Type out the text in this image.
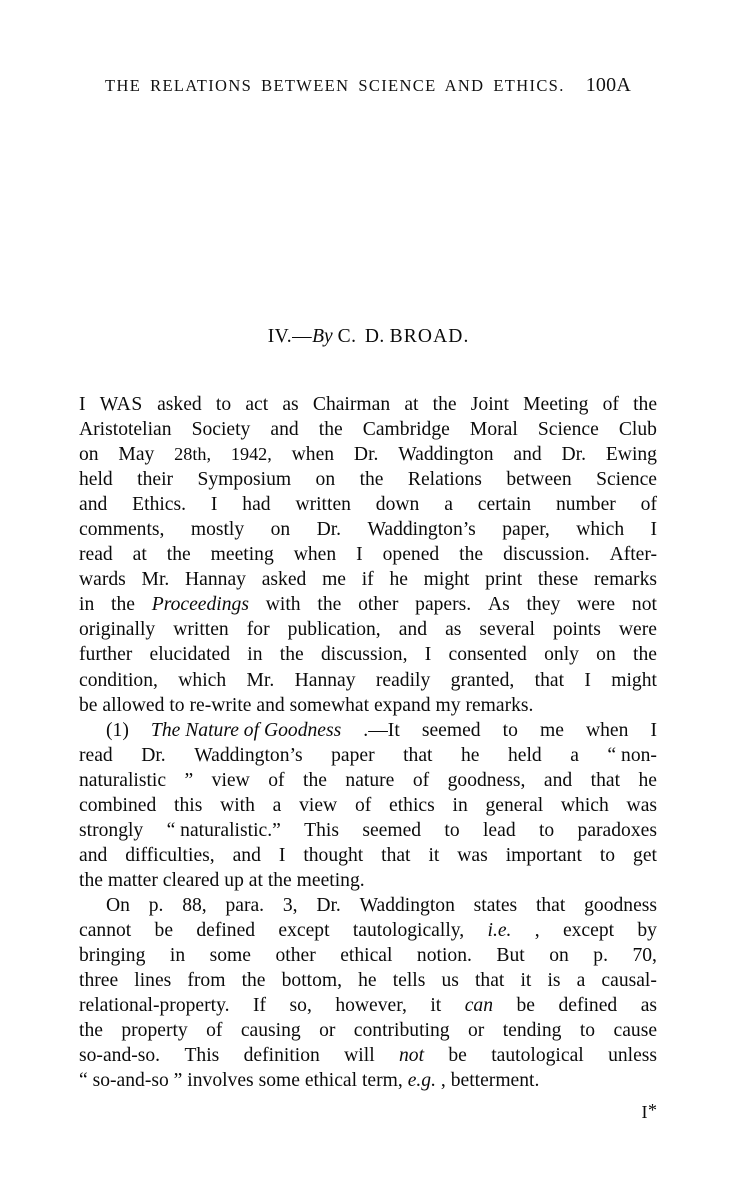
THE RELATIONS BETWEEN SCIENCE AND ETHICS. 100A
IV.—By C. D. BROAD.
I WAS asked to act as Chairman at the Joint Meeting of the
Aristotelian Society and the Cambridge Moral Science Club
on May 28th, 1942, when Dr. Waddington and Dr. Ewing
held their Symposium on the Relations between Science
and Ethics. I had written down a certain number of
comments, mostly on Dr. Waddington’s paper, which I
read at the meeting when I opened the discussion. After-
wards Mr. Hannay asked me if he might print these remarks
in the Proceedings with the other papers. As they were not
originally written for publication, and as several points were
further elucidated in the discussion, I consented only on the
condition, which Mr. Hannay readily granted, that I might
be allowed to re-write and somewhat expand my remarks.
(1) The Nature of Goodness .—It seemed to me when I
read Dr. Waddington’s paper that he held a “ non-
naturalistic ” view of the nature of goodness, and that he
combined this with a view of ethics in general which was
strongly “ naturalistic.” This seemed to lead to paradoxes
and difficulties, and I thought that it was important to get
the matter cleared up at the meeting.
On p. 88, para. 3, Dr. Waddington states that goodness
cannot be defined except tautologically, i.e. , except by
bringing in some other ethical notion. But on p. 70,
three lines from the bottom, he tells us that it is a causal-
relational-property. If so, however, it can be defined as
the property of causing or contributing or tending to cause
so-and-so. This definition will not be tautological unless
“ so-and-so ” involves some ethical term, e.g. , betterment.
I*
